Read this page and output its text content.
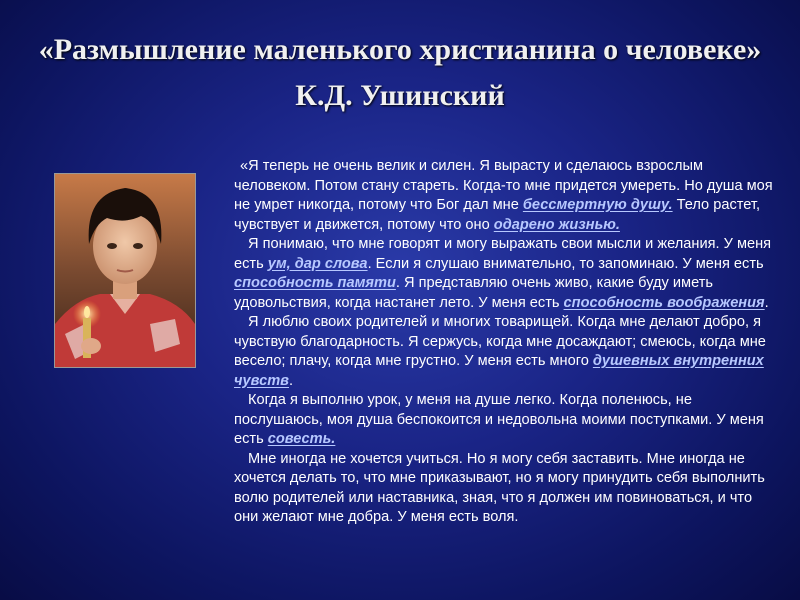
«Размышление маленького христианина о человеке»
К.Д. Ушинский

«Я теперь не очень велик и силен. Я вырасту и сделаюсь взрослым человеком. Потом стану стареть. Когда-то мне придется умереть. Но душа моя не умрет никогда, потому что Бог дал мне бессмертную душу. Тело растет, чувствует и движется, потому что оно одарено жизнью.

Я понимаю, что мне говорят и могу выражать свои мысли и желания. У меня есть ум, дар слова. Если я слушаю внимательно, то запоминаю. У меня есть способность памяти. Я представляю очень живо, какие буду иметь удовольствия, когда настанет лето. У меня есть способность воображения.

Я люблю своих родителей и многих товарищей. Когда мне делают добро, я чувствую благодарность. Я сержусь, когда мне досаждают; смеюсь, когда мне весело; плачу, когда мне грустно. У меня есть много душевных внутренних чувств.

Когда я выполню урок, у меня на душе легко. Когда поленюсь, не послушаюсь, моя душа беспокоится и недовольна моими поступками. У меня есть совесть.

Мне иногда не хочется учиться. Но я могу себя заставить. Мне иногда не хочется делать то, что мне приказывают, но я могу принудить себя выполнить волю родителей или наставника, зная, что я должен им повиноваться, и что они желают мне добра. У меня есть воля.
